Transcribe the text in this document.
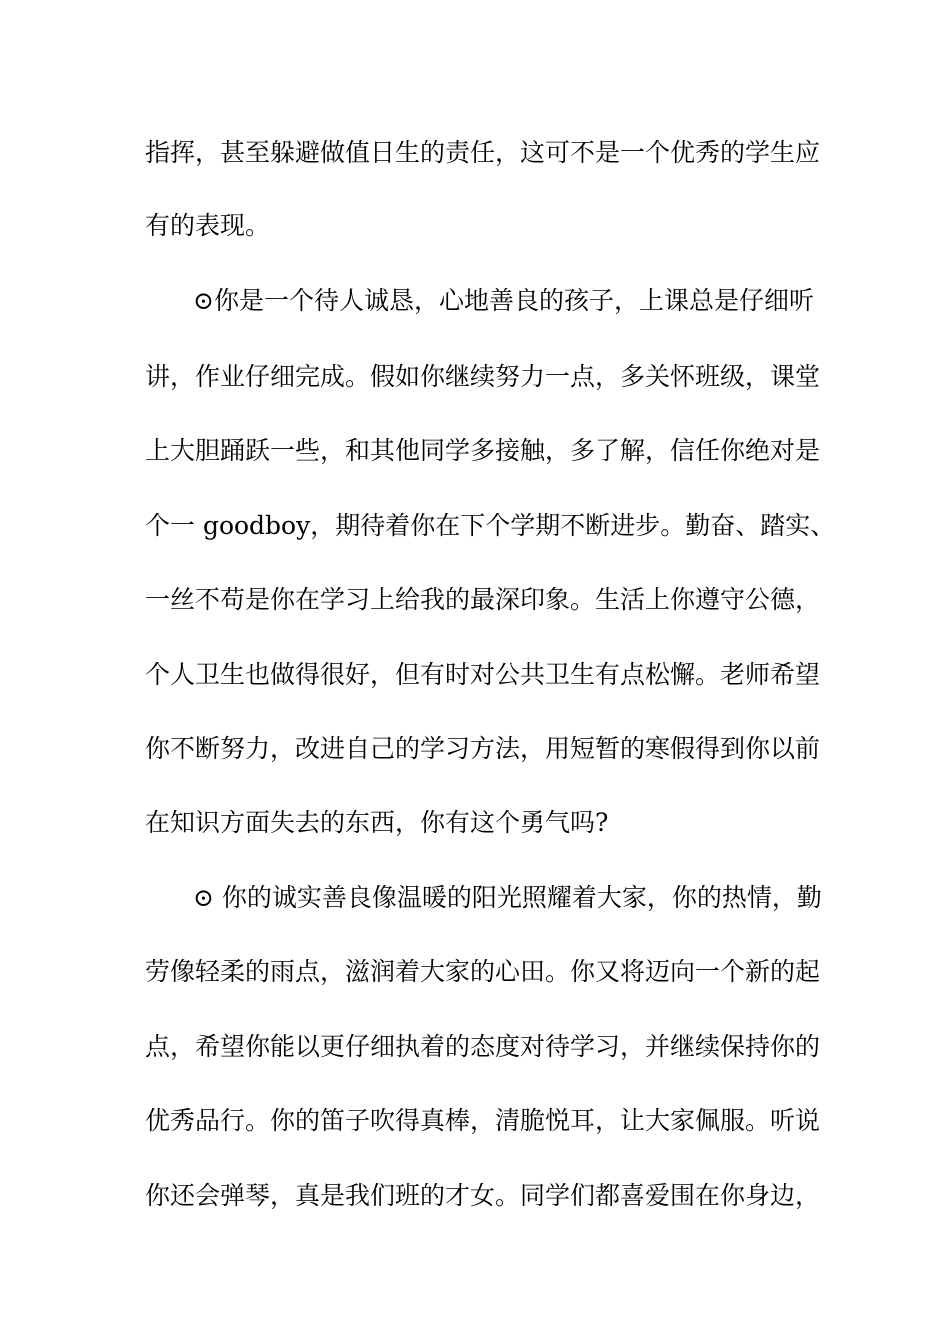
指挥，甚至躲避做值日生的责任，这可不是一个优秀的学生应
有的表现。
⊙你是一个待人诚恳，心地善良的孩子，上课总是仔细听
讲，作业仔细完成。假如你继续努力一点，多关怀班级，课堂
上大胆踊跃一些，和其他同学多接触，多了解，信任你绝对是
个一 goodboy，期待着你在下个学期不断进步。勤奋、踏实、
一丝不苟是你在学习上给我的最深印象。生活上你遵守公德，
个人卫生也做得很好，但有时对公共卫生有点松懈。老师希望
你不断努力，改进自己的学习方法，用短暂的寒假得到你以前
在知识方面失去的东西，你有这个勇气吗?
⊙ 你的诚实善良像温暖的阳光照耀着大家，你的热情，勤
劳像轻柔的雨点，滋润着大家的心田。你又将迈向一个新的起
点，希望你能以更仔细执着的态度对待学习，并继续保持你的
优秀品行。你的笛子吹得真棒，清脆悦耳，让大家佩服。听说
你还会弹琴，真是我们班的才女。同学们都喜爱围在你身边，
